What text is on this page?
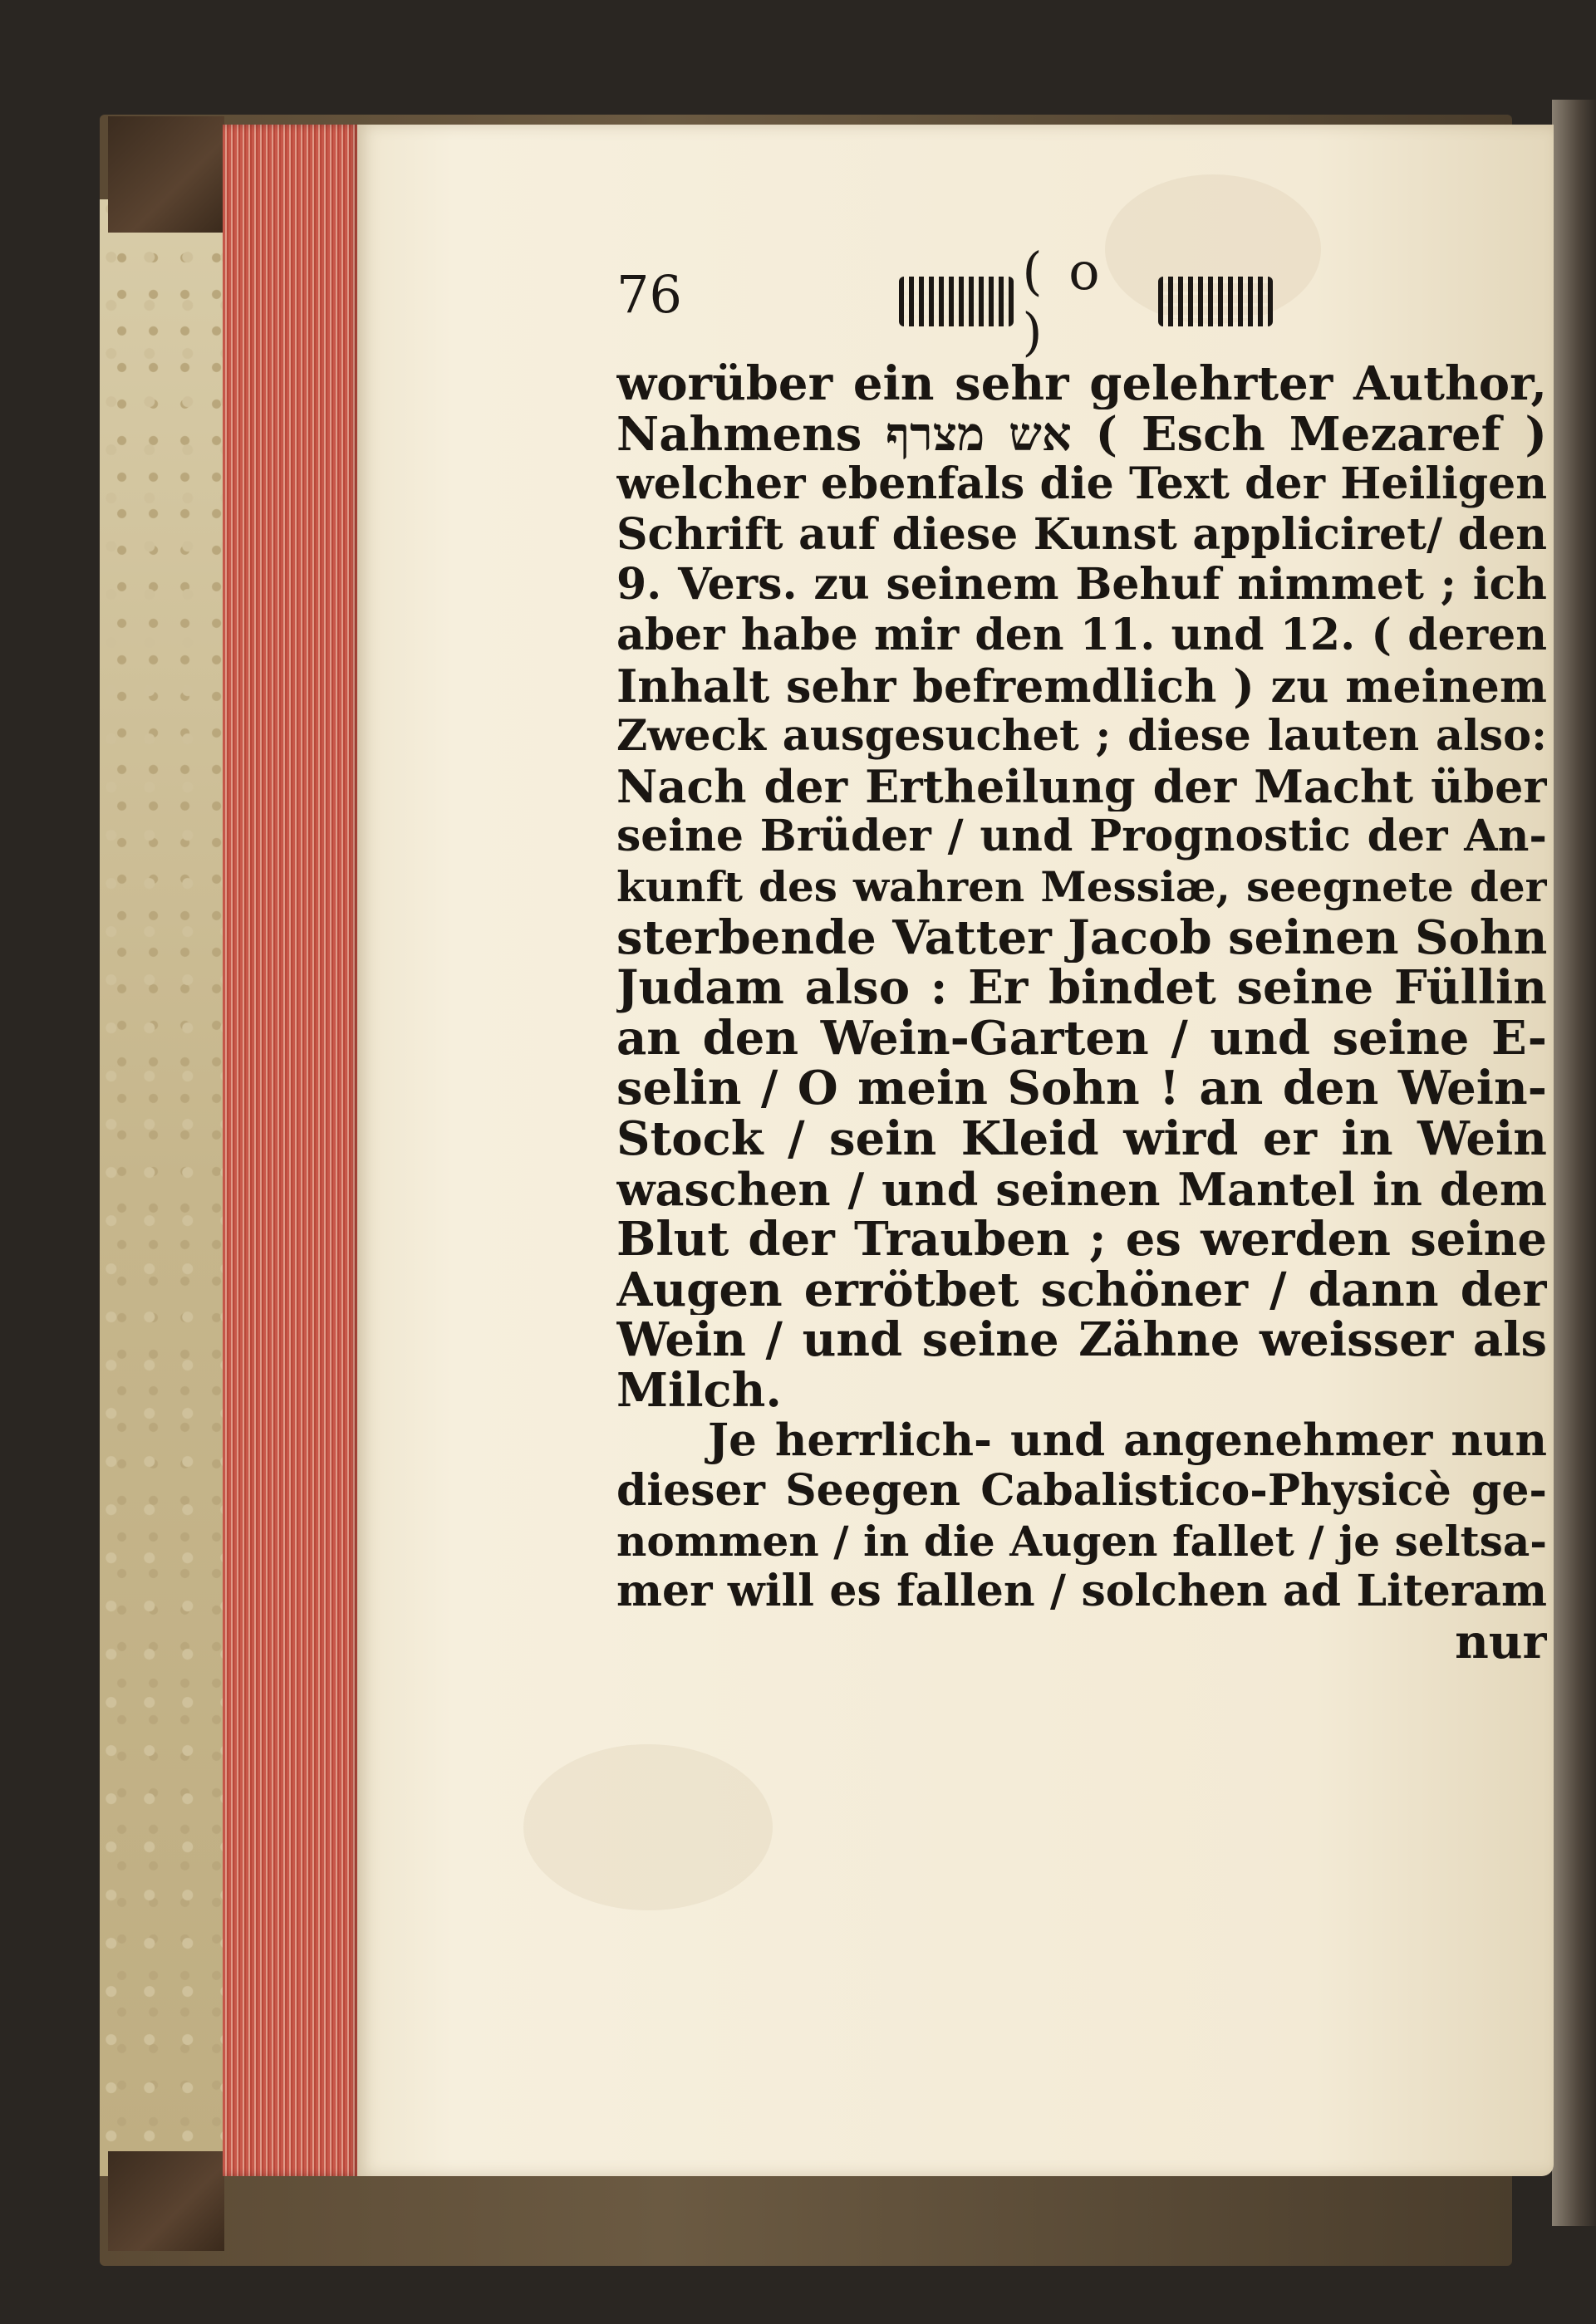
76	( o )
worüber ein sehr gelehrter Author,
Nahmens אש מצרף ( Esch Mezaref )
welcher ebenfals die Text der Heiligen
Schrift auf diese Kunst appliciret/ den
9. Vers. zu seinem Behuf nimmet ; ich
aber habe mir den 11. und 12. ( deren
Inhalt sehr befremdlich ) zu meinem
Zweck ausgesuchet ; diese lauten also:
Nach der Ertheilung der Macht über
seine Brüder / und Prognostic der An-
kunft des wahren Messiæ, seegnete der
sterbende Vatter Jacob seinen Sohn
Judam also : Er bindet seine Füllin
an den Wein-Garten / und seine E-
selin / O mein Sohn ! an den Wein-
Stock / sein Kleid wird er in Wein
waschen / und seinen Mantel in dem
Blut der Trauben ; es werden seine
Augen errötbet schöner / dann der
Wein / und seine Zähne weisser als
Milch.
Je herrlich- und angenehmer nun
dieser Seegen Cabalistico-Physicè ge-
nommen / in die Augen fallet / je seltsa-
mer will es fallen / solchen ad Literam
nur
